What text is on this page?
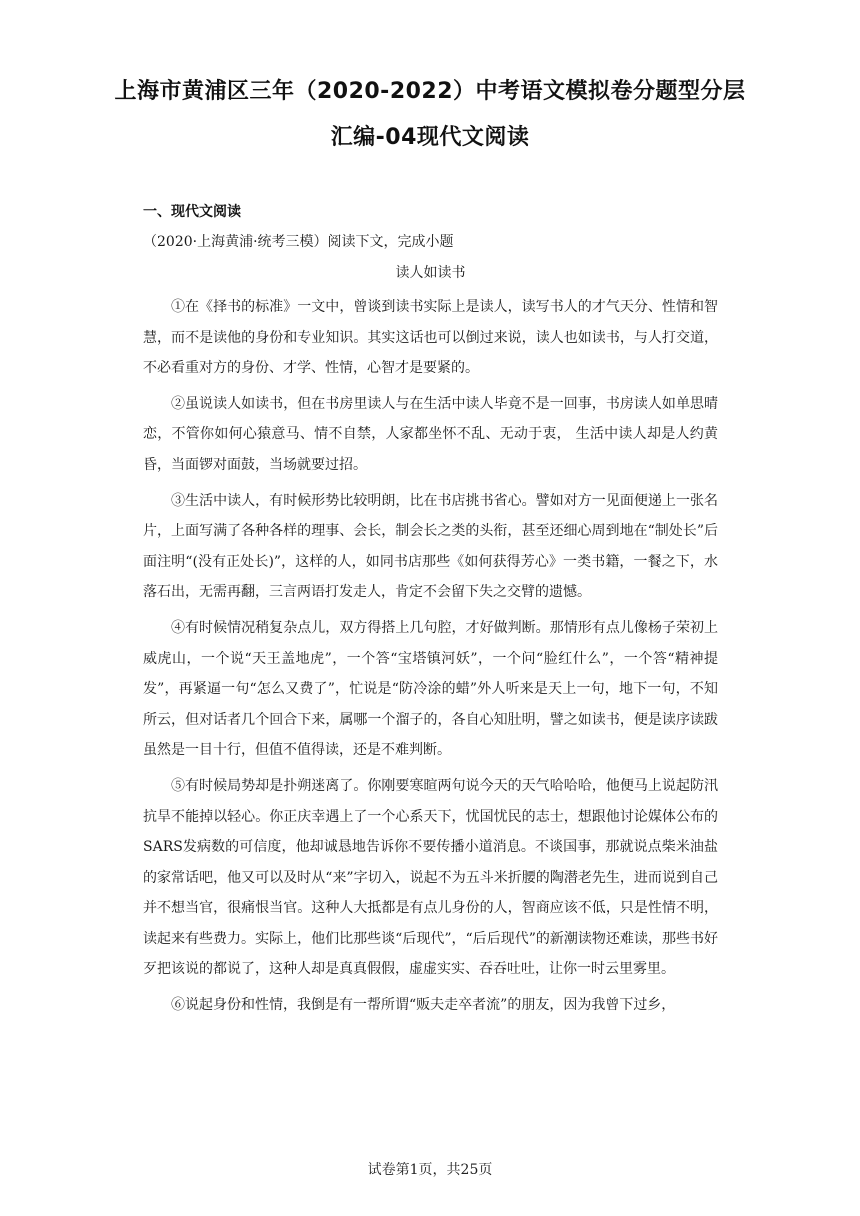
上海市黄浦区三年（2020-2022）中考语文模拟卷分题型分层
汇编-04现代文阅读
一、现代文阅读
（2020·上海黄浦·统考三模）阅读下文，完成小题
读人如读书

①在《择书的标准》一文中，曾谈到读书实际上是读人，读写书人的才气天分、性情和智慧，而不是读他的身份和专业知识。其实这话也可以倒过来说，读人也如读书，与人打交道，不必看重对方的身份、才学、性情，心智才是要紧的。

②虽说读人如读书，但在书房里读人与在生活中读人毕竟不是一回事，书房读人如单思晴恋，不管你如何心猿意马、情不自禁，人家都坐怀不乱、无动于衷， 生活中读人却是人约黄昏，当面锣对面鼓，当场就要过招。

③生活中读人，有时候形势比较明朗，比在书店挑书省心。譬如对方一见面便递上一张名片，上面写满了各种各样的理事、会长，制会长之类的头衔，甚至还细心周到地在“制处长”后面注明“(没有正处长)”，这样的人，如同书店那些《如何获得芳心》一类书籍，一餐之下，水落石出，无需再翻，三言两语打发走人，肯定不会留下失之交臂的遗憾。

④有时候情况稍复杂点儿，双方得搭上几句腔，才好做判断。那情形有点儿像杨子荣初上威虎山，一个说“天王盖地虎”，一个答“宝塔镇河妖”，一个问“脸红什么”，一个答“精神提发”，再紧逼一句“怎么又费了”，忙说是“防冷涂的蜡”外人听来是天上一句，地下一句，不知所云，但对话者几个回合下来，属哪一个溜子的，各自心知肚明，譬之如读书，便是读序读跋虽然是一目十行，但值不值得读，还是不难判断。

⑤有时候局势却是扑朔迷离了。你刚要寒暄两句说今天的天气哈哈哈，他便马上说起防汛抗旱不能掉以轻心。你正庆幸遇上了一个心系天下，忧国忧民的志士，想跟他讨论媒体公布的SARS发病数的可信度，他却诚恳地告诉你不要传播小道消息。不谈国事，那就说点柴米油盐的家常话吧，他又可以及时从“来”字切入，说起不为五斗米折腰的陶潜老先生，进而说到自己并不想当官，很痛恨当官。这种人大抵都是有点儿身份的人，智商应该不低，只是性情不明，读起来有些费力。实际上，他们比那些谈“后现代”，“后后现代”的新潮读物还难读，那些书好歹把该说的都说了，这种人却是真真假假，虚虚实实、吞吞吐吐，让你一时云里雾里。

⑥说起身份和性情，我倒是有一帮所谓“贩夫走卒者流”的朋友，因为我曾下过乡，

试卷第1页，共25页
